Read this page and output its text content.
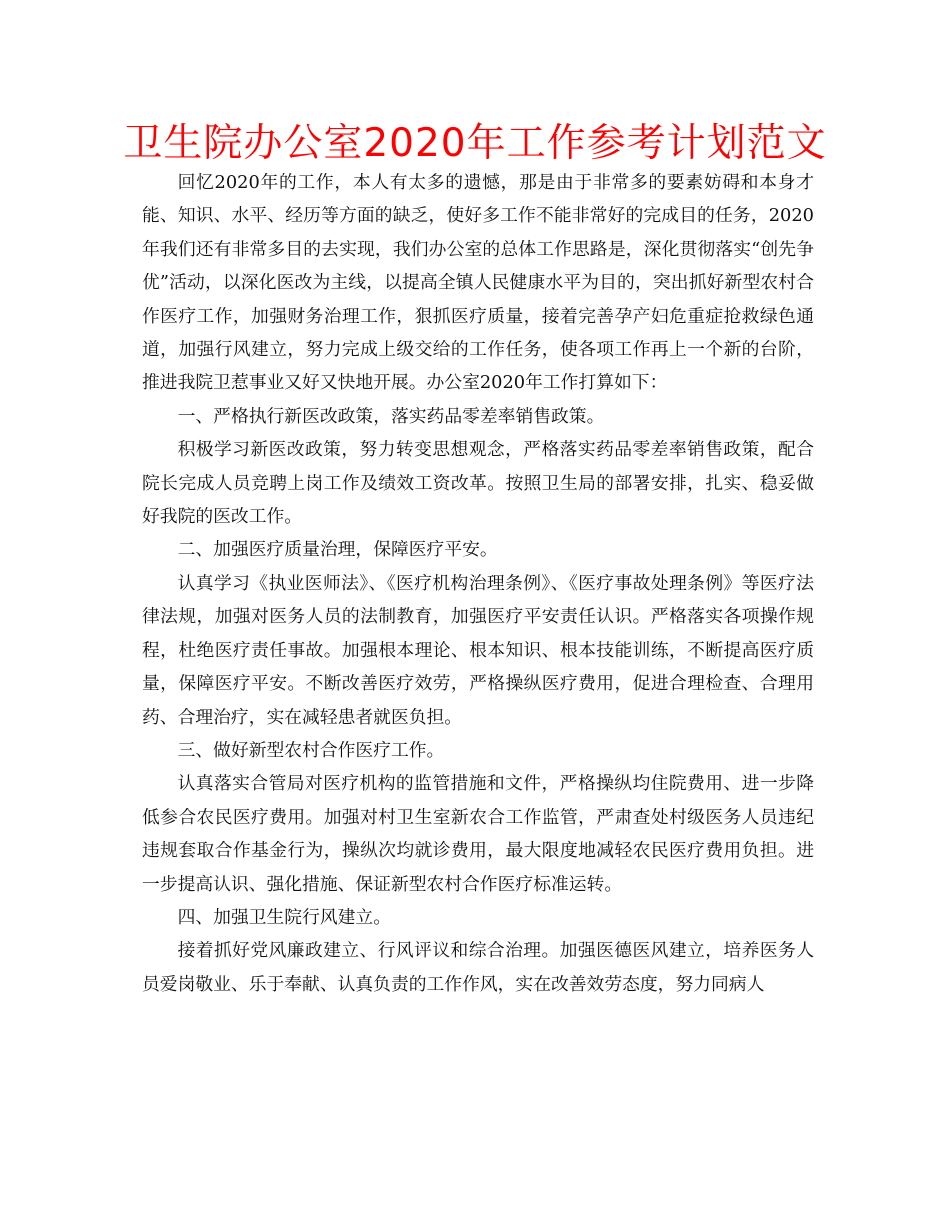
卫生院办公室2020年工作参考计划范文

回忆2020年的工作，本人有太多的遗憾，那是由于非常多的要素妨碍和本身才能、知识、水平、经历等方面的缺乏，使好多工作不能非常好的完成目的任务，2020年我们还有非常多目的去实现，我们办公室的总体工作思路是，深化贯彻落实“创先争优”活动，以深化医改为主线，以提高全镇人民健康水平为目的，突出抓好新型农村合作医疗工作，加强财务治理工作，狠抓医疗质量，接着完善孕产妇危重症抢救绿色通道，加强行风建立，努力完成上级交给的工作任务，使各项工作再上一个新的台阶，推进我院卫惹事业又好又快地开展。办公室2020年工作打算如下：

一、严格执行新医改政策，落实药品零差率销售政策。

积极学习新医改政策，努力转变思想观念，严格落实药品零差率销售政策，配合院长完成人员竞聘上岗工作及绩效工资改革。按照卫生局的部署安排，扎实、稳妥做好我院的医改工作。

二、加强医疗质量治理，保障医疗平安。

认真学习《执业医师法》、《医疗机构治理条例》、《医疗事故处理条例》等医疗法律法规，加强对医务人员的法制教育，加强医疗平安责任认识。严格落实各项操作规程，杜绝医疗责任事故。加强根本理论、根本知识、根本技能训练，不断提高医疗质量，保障医疗平安。不断改善医疗效劳，严格操纵医疗费用，促进合理检查、合理用药、合理治疗，实在减轻患者就医负担。

三、做好新型农村合作医疗工作。

认真落实合管局对医疗机构的监管措施和文件，严格操纵均住院费用、进一步降低参合农民医疗费用。加强对村卫生室新农合工作监管，严肃查处村级医务人员违纪违规套取合作基金行为，操纵次均就诊费用，最大限度地减轻农民医疗费用负担。进一步提高认识、强化措施、保证新型农村合作医疗标准运转。

四、加强卫生院行风建立。

接着抓好党风廉政建立、行风评议和综合治理。加强医德医风建立，培养医务人员爱岗敬业、乐于奉献、认真负责的工作作风，实在改善效劳态度，努力同病人
